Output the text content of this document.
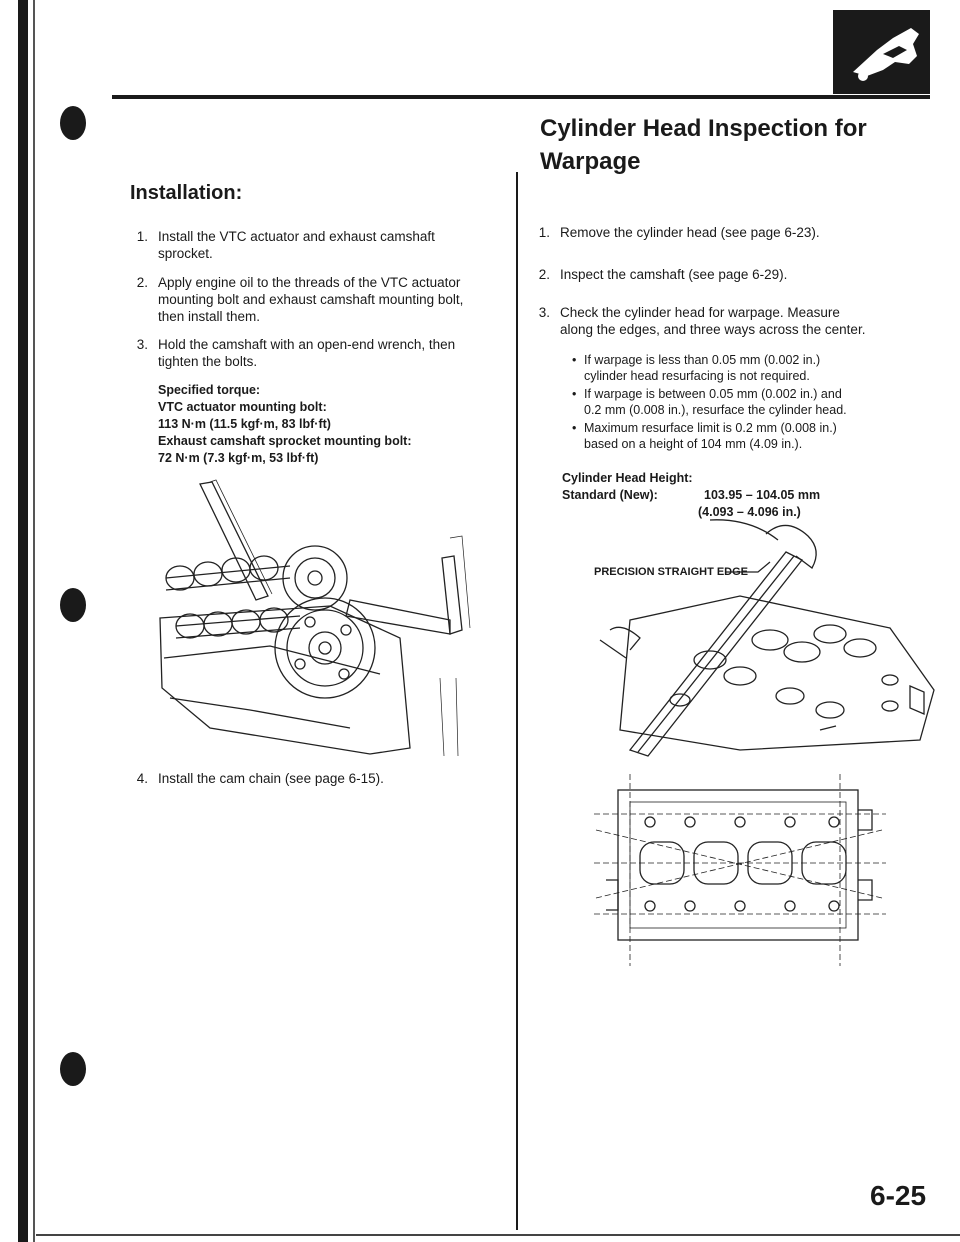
Installation:
1. Install the VTC actuator and exhaust camshaft
sprocket.
2. Apply engine oil to the threads of the VTC actuator
mounting bolt and exhaust camshaft mounting bolt,
then install them.
3. Hold the camshaft with an open-end wrench, then
tighten the bolts.
4. Install the cam chain (see page 6-15).
Specified torque:
VTC actuator mounting bolt:
113 N·m (11.5 kgf·m, 83 lbf·ft)
Exhaust camshaft sprocket mounting bolt:
72 N·m (7.3 kgf·m, 53 lbf·ft)
Cylinder Head Inspection for
Warpage
1. Remove the cylinder head (see page 6-23).
2. Inspect the camshaft (see page 6-29).
3. Check the cylinder head for warpage. Measure
along the edges, and three ways across the center.
• If warpage is less than 0.05 mm (0.002 in.)
cylinder head resurfacing is not required.
• If warpage is between 0.05 mm (0.002 in.) and
0.2 mm (0.008 in.), resurface the cylinder head.
• Maximum resurface limit is 0.2 mm (0.008 in.)
based on a height of 104 mm (4.09 in.).
Cylinder Head Height:
Standard (New):	103.95 – 104.05 mm
(4.093 – 4.096 in.)
PRECISION STRAIGHT EDGE
6-25
